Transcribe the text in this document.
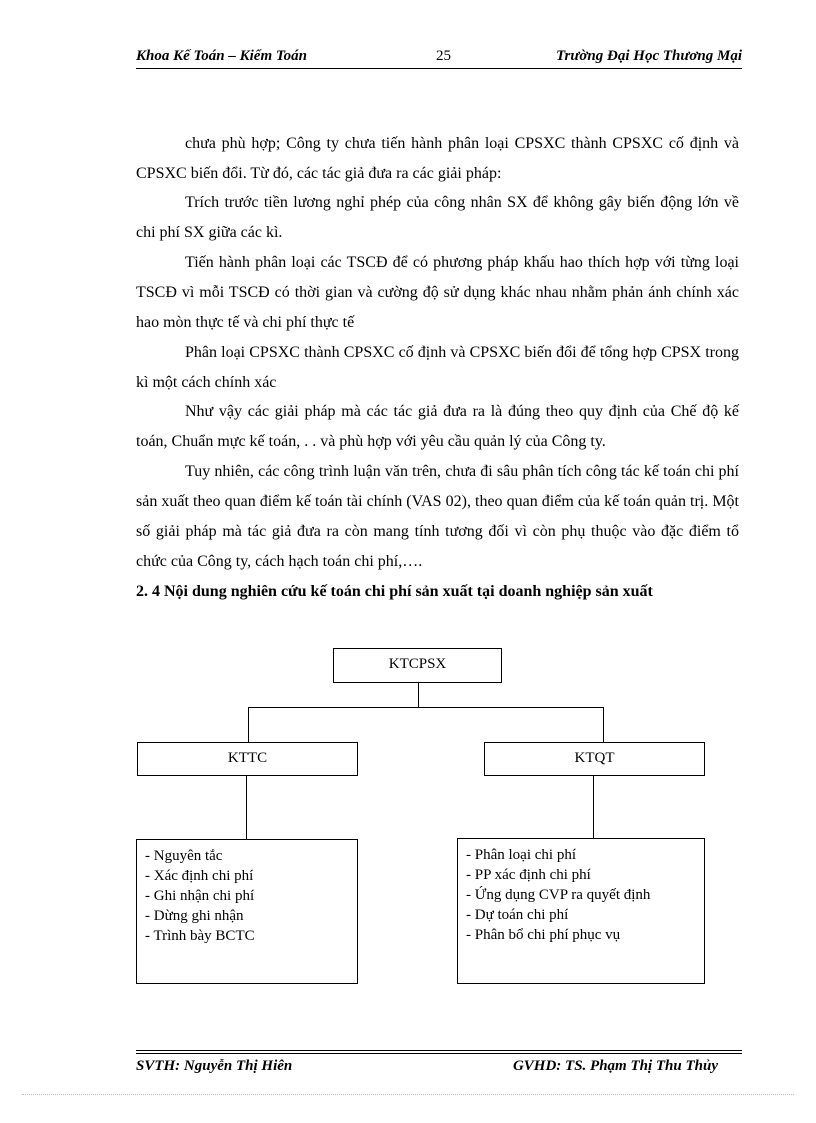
Khoa Kế Toán – Kiểm Toán	25	Trường Đại Học Thương Mại

chưa phù hợp; Công ty chưa tiến hành phân loại CPSXC thành CPSXC cố định và CPSXC biến đổi. Từ đó, các tác giả đưa ra các giải pháp:

Trích trước tiền lương nghỉ phép của công nhân SX để không gây biến động lớn về chi phí SX giữa các kì.

Tiến hành phân loại các TSCĐ để có phương pháp khấu hao thích hợp với từng loại TSCĐ vì mỗi TSCĐ có thời gian và cường độ sử dụng khác nhau nhằm phản ánh chính xác hao mòn thực tế và chi phí thực tế

Phân loại CPSXC thành CPSXC cố định và CPSXC biến đổi để tổng hợp CPSX trong kì một cách chính xác

Như vậy các giải pháp mà các tác giả đưa ra là đúng theo quy định của Chế độ kế toán, Chuẩn mực kế toán, . . và phù hợp với yêu cầu quản lý của Công ty.

Tuy nhiên, các công trình luận văn trên, chưa đi sâu phân tích công tác kế toán chi phí sản xuất theo quan điểm kế toán tài chính (VAS 02), theo quan điểm của kế toán quản trị. Một số giải pháp mà tác giả đưa ra còn mang tính tương đối vì còn phụ thuộc vào đặc điểm tổ chức của Công ty, cách hạch toán chi phí,….

2. 4 Nội dung nghiên cứu kế toán chi phí sản xuất tại doanh nghiệp sản xuất
KTCPSX
KTTC	KTQT
- Nguyên tắc
- Xác định chi phí
- Ghi nhận chi phí
- Dừng ghi nhận
- Trình bày BCTC
- Phân loại chi phí
- PP xác định chi phí
- Ứng dụng CVP ra quyết định
- Dự toán chi phí
- Phân bổ chi phí phục vụ
SVTH: Nguyễn Thị Hiên	GVHD: TS. Phạm Thị Thu Thủy
